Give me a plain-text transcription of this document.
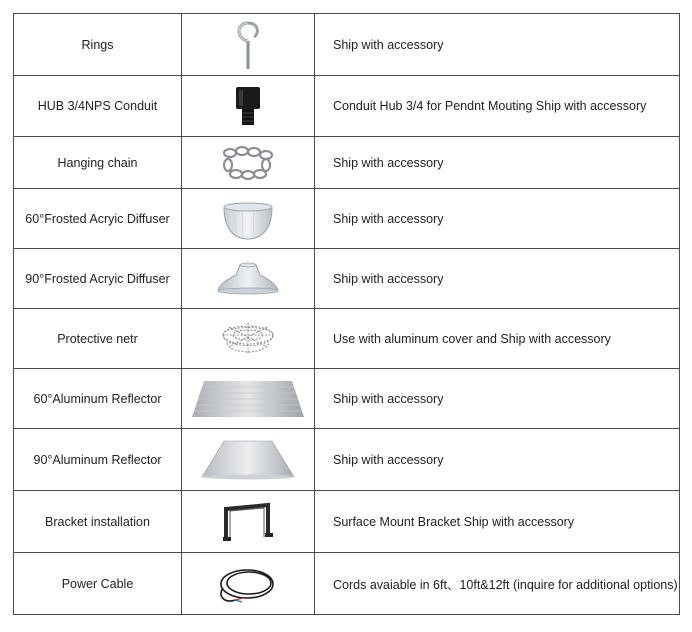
Rings		Ship with accessory
HUB 3/4NPS Conduit		Conduit Hub 3/4 for Pendnt Mouting Ship with accessory
Hanging chain		Ship with accessory
60°Frosted Acryic Diffuser		Ship with accessory
90°Frosted Acryic Diffuser		Ship with accessory
Protective netr		Use with aluminum cover and Ship with accessory
60°Aluminum Reflector		Ship with accessory
90°Aluminum Reflector		Ship with accessory
Bracket installation		Surface Mount Bracket Ship with accessory
Power Cable		Cords avaiable in 6ft、10ft&12ft (inquire for additional options)
